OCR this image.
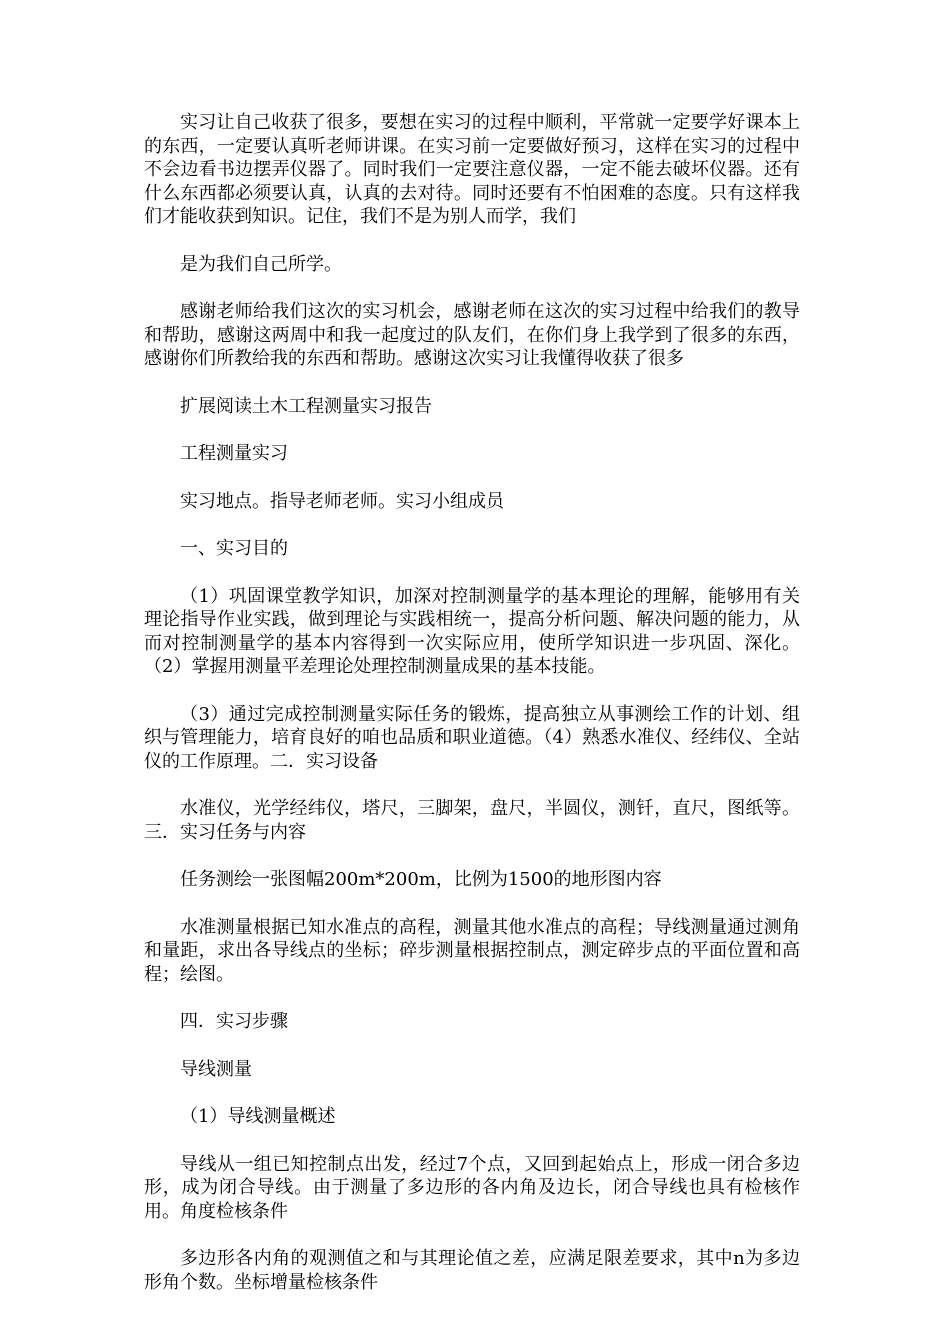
实习让自己收获了很多，要想在实习的过程中顺利，平常就一定要学好课本上的东西，一定要认真听老师讲课。在实习前一定要做好预习，这样在实习的过程中不会边看书边摆弄仪器了。同时我们一定要注意仪器，一定不能去破坏仪器。还有什么东西都必须要认真，认真的去对待。同时还要有不怕困难的态度。只有这样我们才能收获到知识。记住，我们不是为别人而学，我们

是为我们自己所学。

感谢老师给我们这次的实习机会，感谢老师在这次的实习过程中给我们的教导和帮助，感谢这两周中和我一起度过的队友们，在你们身上我学到了很多的东西，感谢你们所教给我的东西和帮助。感谢这次实习让我懂得收获了很多

扩展阅读土木工程测量实习报告

工程测量实习

实习地点。指导老师老师。实习小组成员

一、实习目的

（1）巩固课堂教学知识，加深对控制测量学的基本理论的理解，能够用有关理论指导作业实践，做到理论与实践相统一，提高分析问题、解决问题的能力，从而对控制测量学的基本内容得到一次实际应用，使所学知识进一步巩固、深化。（2）掌握用测量平差理论处理控制测量成果的基本技能。

（3）通过完成控制测量实际任务的锻炼，提高独立从事测绘工作的计划、组织与管理能力，培育良好的咱也品质和职业道德。（4）熟悉水准仪、经纬仪、全站仪的工作原理。二．实习设备

水准仪，光学经纬仪，塔尺，三脚架，盘尺，半圆仪，测钎，直尺，图纸等。三．实习任务与内容

任务测绘一张图幅200m*200m，比例为1500的地形图内容

水准测量根据已知水准点的高程，测量其他水准点的高程；导线测量通过测角和量距，求出各导线点的坐标；碎步测量根据控制点，测定碎步点的平面位置和高程；绘图。

四．实习步骤

导线测量

（1）导线测量概述

导线从一组已知控制点出发，经过7个点，又回到起始点上，形成一闭合多边形，成为闭合导线。由于测量了多边形的各内角及边长，闭合导线也具有检核作用。角度检核条件

多边形各内角的观测值之和与其理论值之差，应满足限差要求，其中n为多边形角个数。坐标增量检核条件
